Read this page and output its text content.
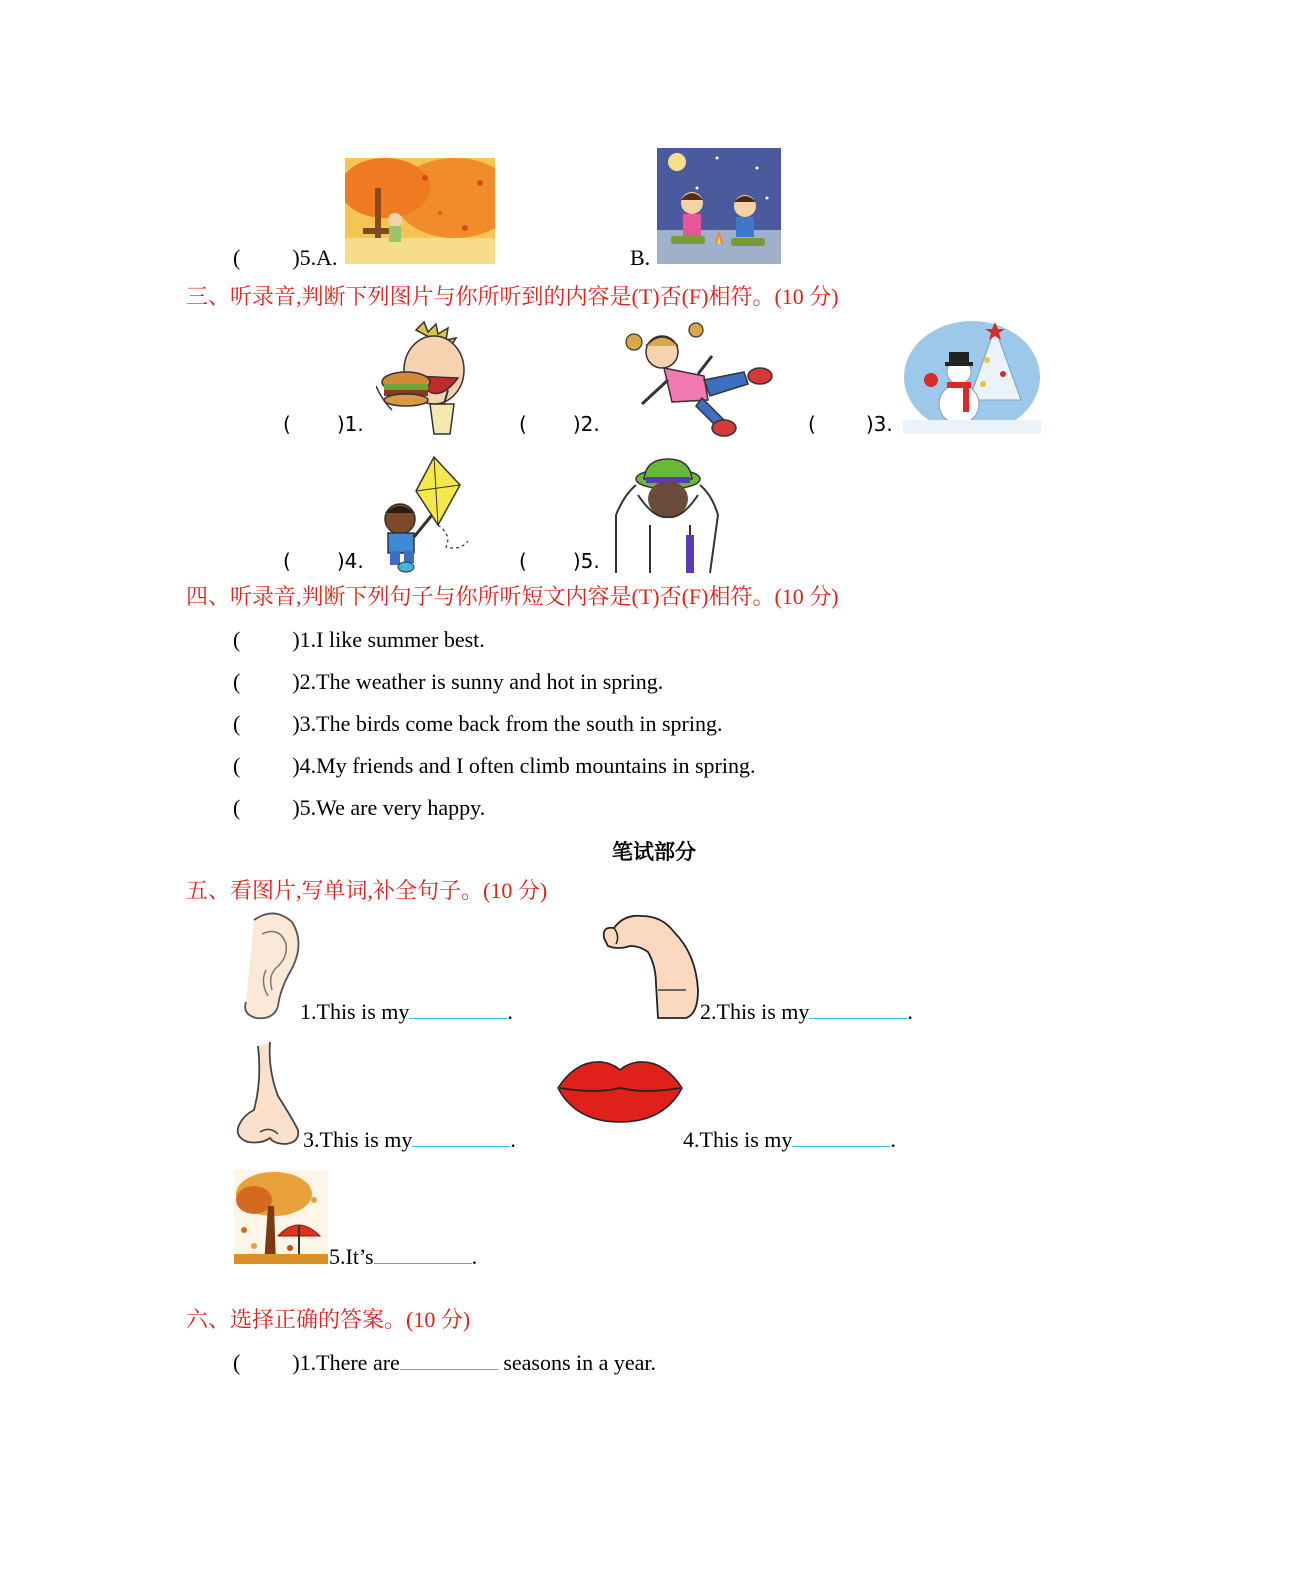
( )5.A.	B.
三、听录音,判断下列图片与你所听到的内容是(T)否(F)相符。(10 分)
( )1.	( )2.	(	)3.
( )4.	( )5.
四、听录音,判断下列句子与你所听短文内容是(T)否(F)相符。(10 分)
( )1.I like summer best.
( )2.The weather is sunny and hot in spring.
( )3.The birds come back from the south in spring.
( )4.My friends and I often climb mountains in spring.
( )5.We are very happy.
笔试部分
五、看图片,写单词,补全句子。(10 分)
1.This is my	.	2.This is my	.
3.This is my	.	4.This is my	.
5.It’s	.
六、选择正确的答案。(10 分)
( )1.There are	seasons in a year.
